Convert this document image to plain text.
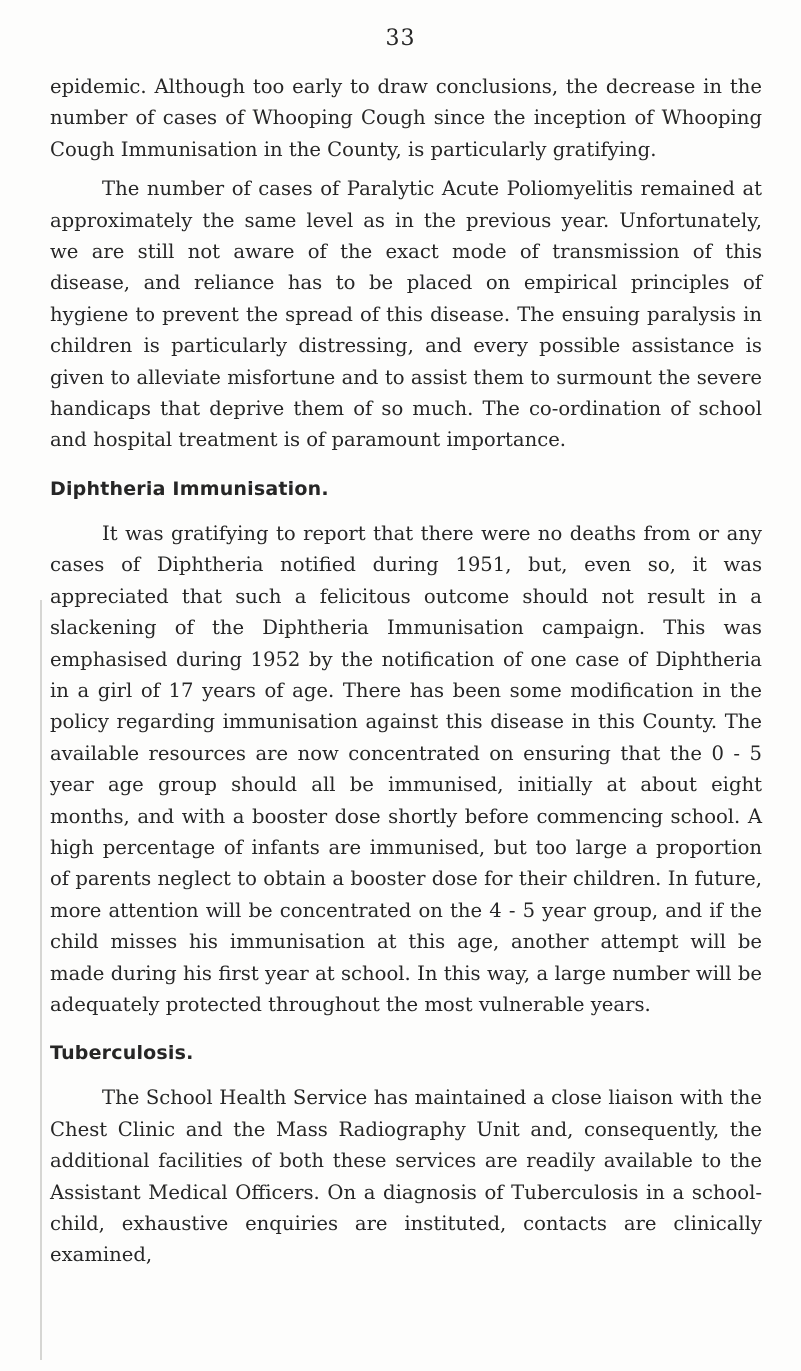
33

epidemic. Although too early to draw conclusions, the decrease in the number of cases of Whooping Cough since the inception of Whooping Cough Immunisation in the County, is particularly gratifying.

The number of cases of Paralytic Acute Poliomyelitis remained at approximately the same level as in the previous year. Unfortunately, we are still not aware of the exact mode of transmission of this disease, and reliance has to be placed on empirical principles of hygiene to prevent the spread of this disease. The ensuing paralysis in children is particularly distressing, and every possible assistance is given to alleviate misfortune and to assist them to surmount the severe handicaps that deprive them of so much. The co-ordination of school and hospital treatment is of paramount importance.

Diphtheria Immunisation.

It was gratifying to report that there were no deaths from or any cases of Diphtheria notified during 1951, but, even so, it was appreciated that such a felicitous outcome should not result in a slackening of the Diphtheria Immunisation campaign. This was emphasised during 1952 by the notification of one case of Diphtheria in a girl of 17 years of age. There has been some modification in the policy regarding immunisation against this disease in this County. The available resources are now concentrated on ensuring that the 0 - 5 year age group should all be immunised, initially at about eight months, and with a booster dose shortly before commencing school. A high percentage of infants are immunised, but too large a proportion of parents neglect to obtain a booster dose for their children. In future, more attention will be concentrated on the 4 - 5 year group, and if the child misses his immunisation at this age, another attempt will be made during his first year at school. In this way, a large number will be adequately protected throughout the most vulnerable years.

Tuberculosis.

The School Health Service has maintained a close liaison with the Chest Clinic and the Mass Radiography Unit and, consequently, the additional facilities of both these services are readily available to the Assistant Medical Officers. On a diagnosis of Tuberculosis in a school-child, exhaustive enquiries are instituted, contacts are clinically examined,
